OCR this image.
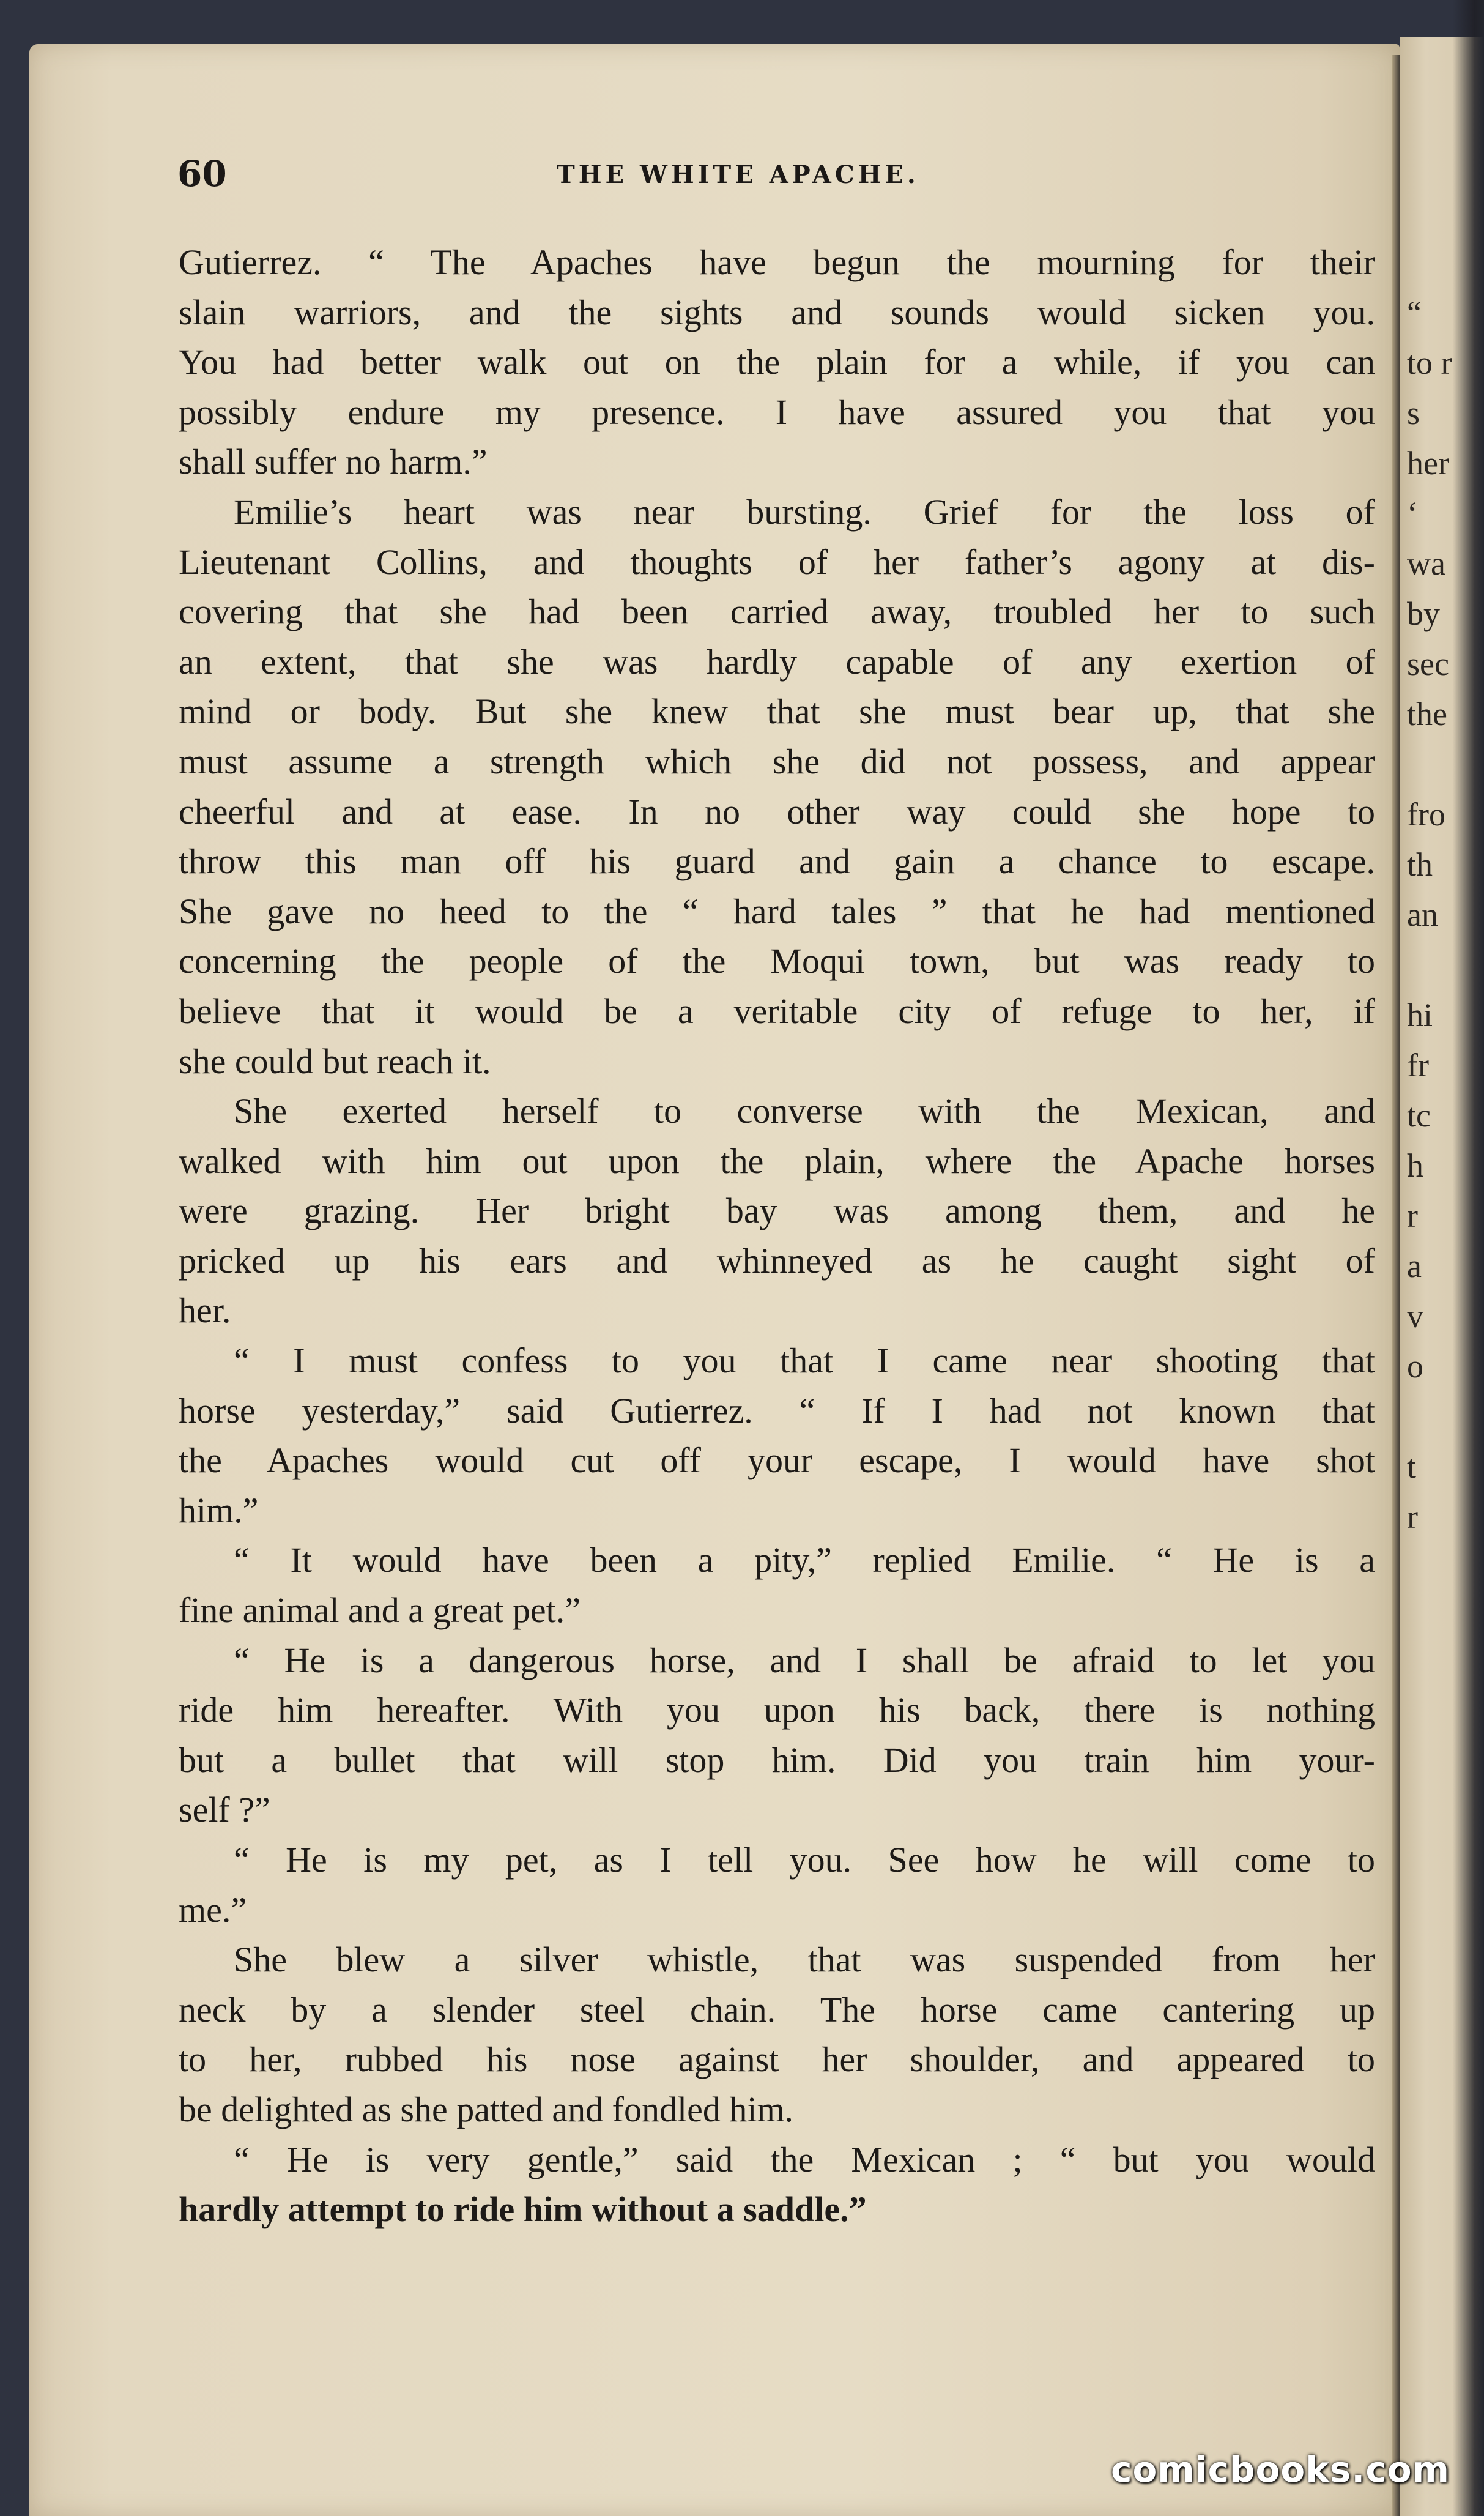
“
to r
s
her
‘
wa
by
sec
the
fro
th
an
hi
fr
tc
h
r
a
v
o
t
r
60	THE WHITE APACHE.

Gutierrez. “ The Apaches have begun the mourning for their

slain warriors, and the sights and sounds would sicken you.

You had better walk out on the plain for a while, if you can

possibly endure my presence. I have assured you that you

shall suffer no harm.”

Emilie’s heart was near bursting. Grief for the loss of

Lieutenant Collins, and thoughts of her father’s agony at dis-

covering that she had been carried away, troubled her to such

an extent, that she was hardly capable of any exertion of

mind or body. But she knew that she must bear up, that she

must assume a strength which she did not possess, and appear

cheerful and at ease. In no other way could she hope to

throw this man off his guard and gain a chance to escape.

She gave no heed to the “ hard tales ” that he had mentioned

concerning the people of the Moqui town, but was ready to

believe that it would be a veritable city of refuge to her, if

she could but reach it.

She exerted herself to converse with the Mexican, and

walked with him out upon the plain, where the Apache horses

were grazing. Her bright bay was among them, and he

pricked up his ears and whinneyed as he caught sight of

her.

“ I must confess to you that I came near shooting that

horse yesterday,” said Gutierrez. “ If I had not known that

the Apaches would cut off your escape, I would have shot

him.”

“ It would have been a pity,” replied Emilie. “ He is a

fine animal and a great pet.”

“ He is a dangerous horse, and I shall be afraid to let you

ride him hereafter. With you upon his back, there is nothing

but a bullet that will stop him. Did you train him your-

self ?”

“ He is my pet, as I tell you. See how he will come to

me.”

She blew a silver whistle, that was suspended from her

neck by a slender steel chain. The horse came cantering up

to her, rubbed his nose against her shoulder, and appeared to

be delighted as she patted and fondled him.

“ He is very gentle,” said the Mexican ; “ but you would

hardly attempt to ride him without a saddle.”

comicbooks.com
